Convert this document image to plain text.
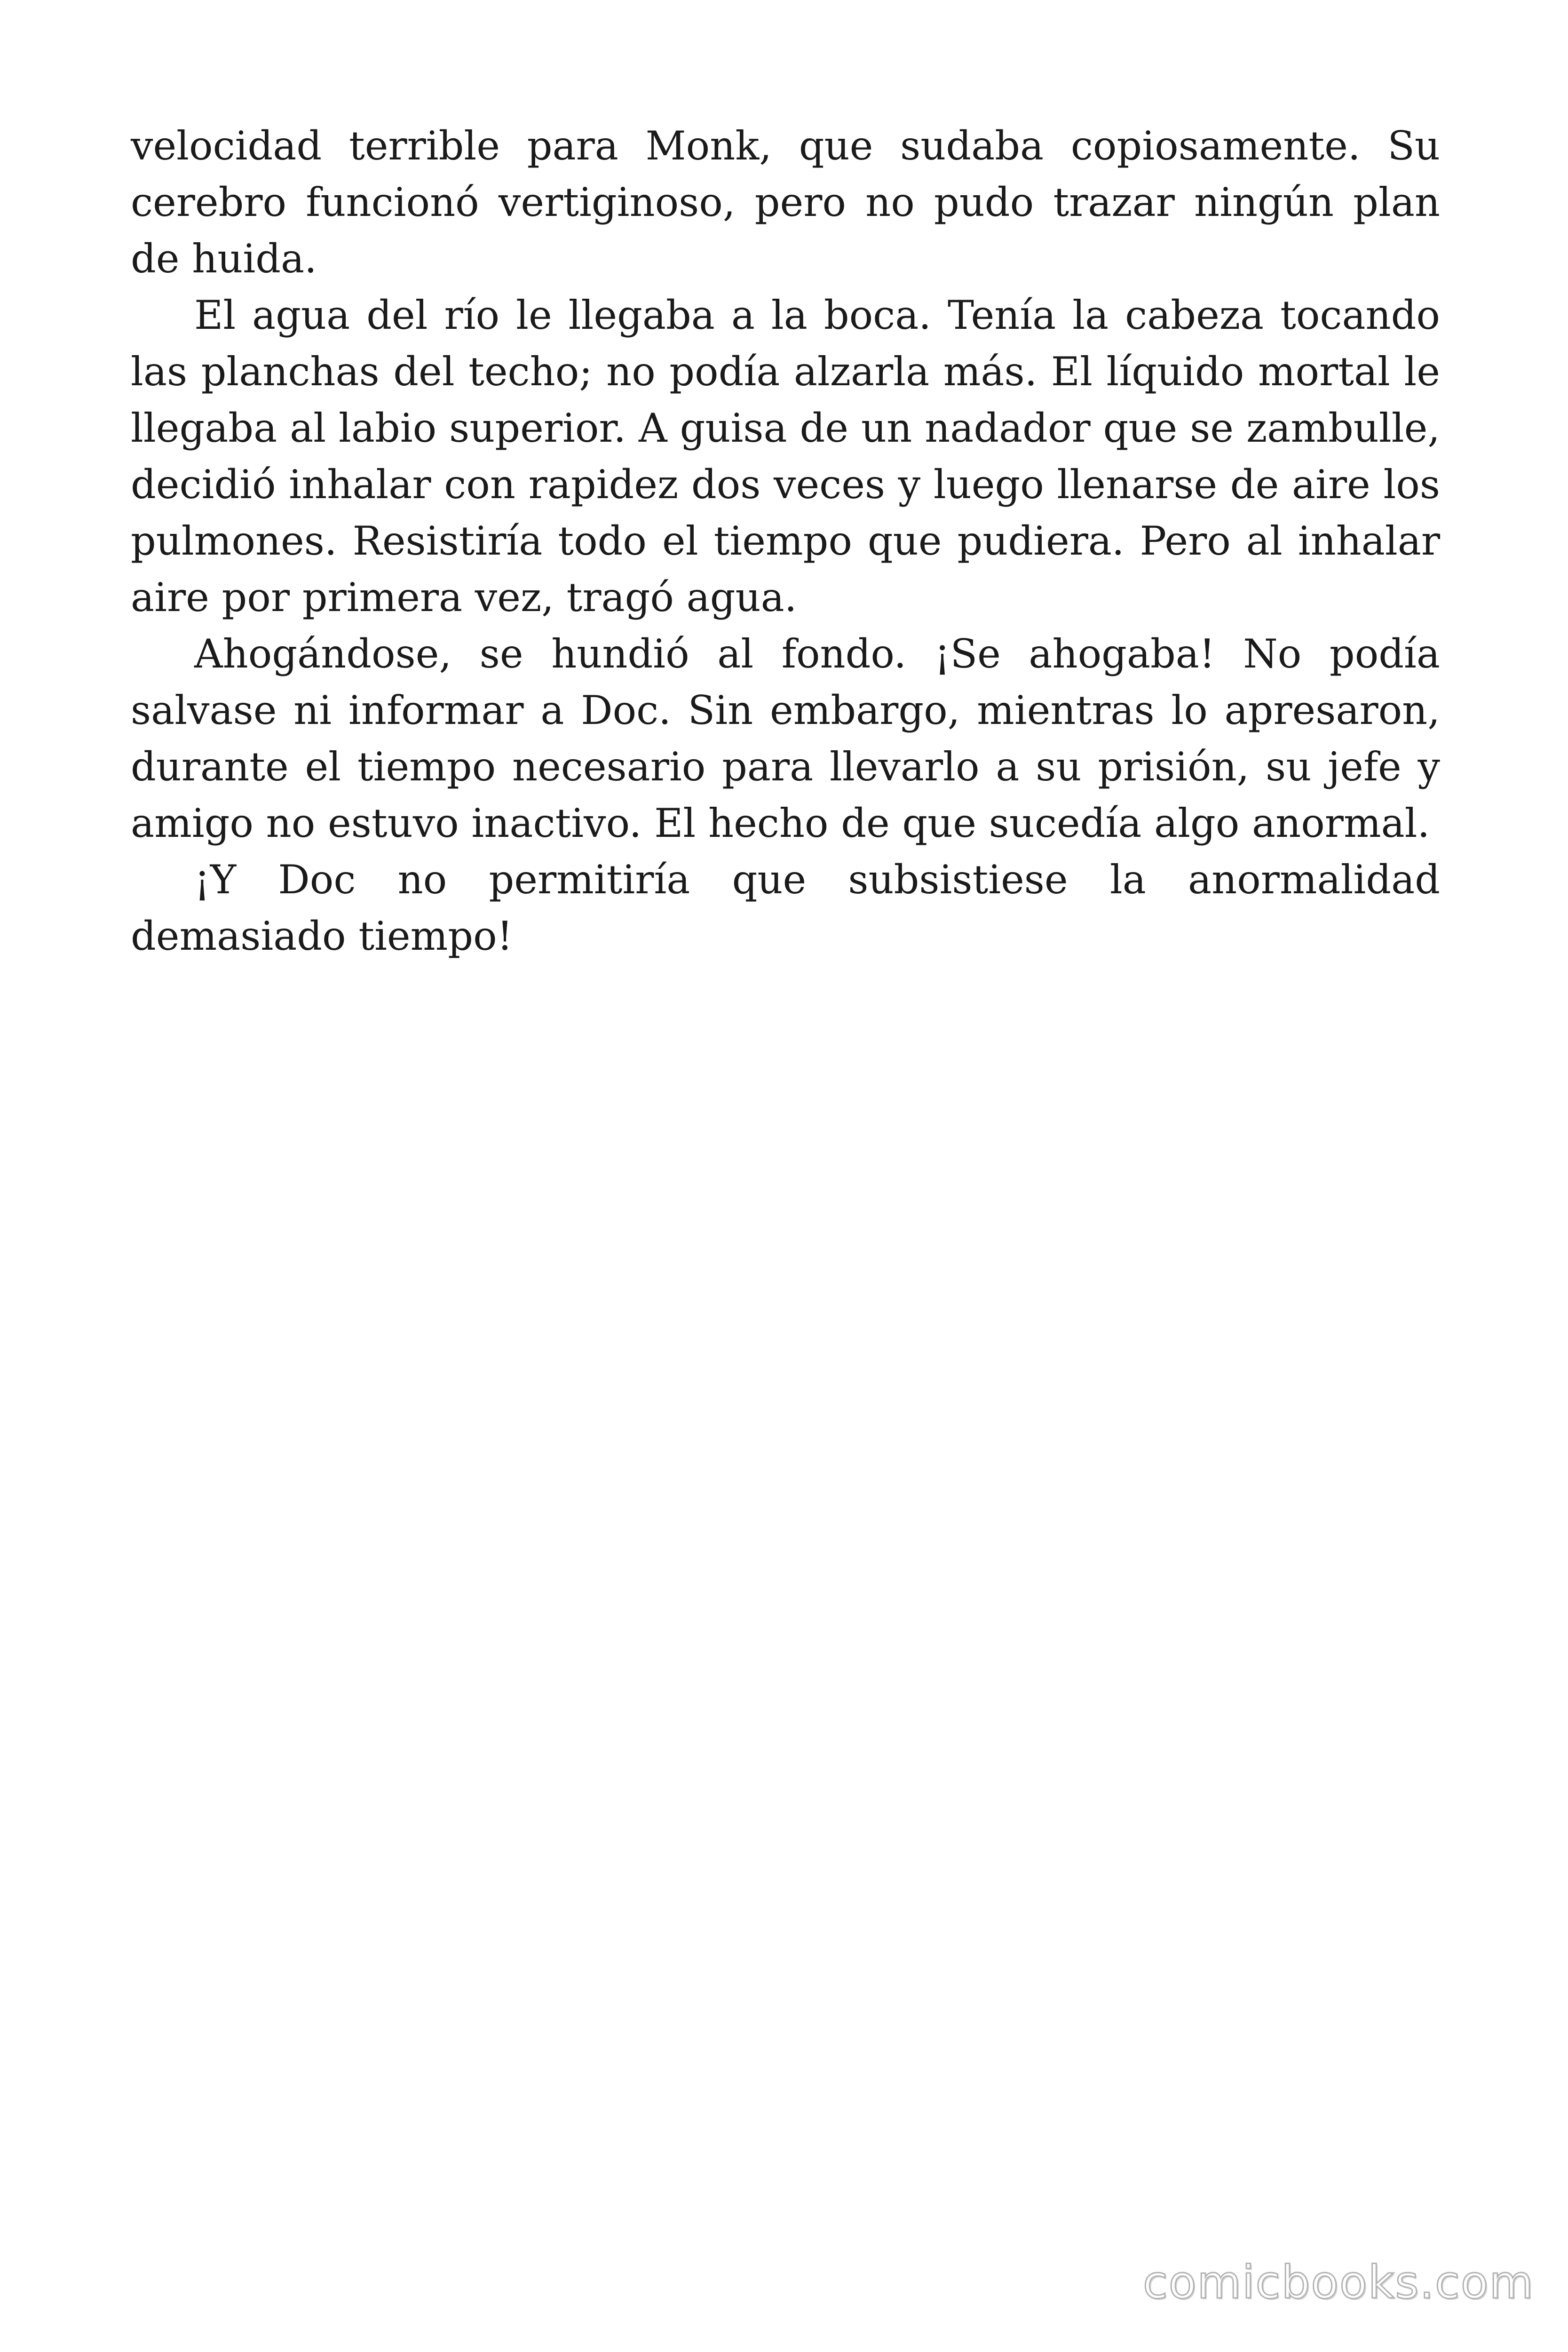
velocidad terrible para Monk, que sudaba copiosamente. Su cerebro funcionó vertiginoso, pero no pudo trazar ningún plan de huida.

El agua del río le llegaba a la boca. Tenía la cabeza tocando las planchas del techo; no podía alzarla más. El líquido mortal le llegaba al labio superior. A guisa de un nadador que se zambulle, decidió inhalar con rapidez dos veces y luego llenarse de aire los pulmones. Resistiría todo el tiempo que pudiera. Pero al inhalar aire por primera vez, tragó agua.

Ahogándose, se hundió al fondo. ¡Se ahogaba! No podía salvase ni informar a Doc. Sin embargo, mientras lo apresaron, durante el tiempo necesario para llevarlo a su prisión, su jefe y amigo no estuvo inactivo. El hecho de que sucedía algo anormal.

¡Y Doc no permitiría que subsistiese la anormalidad demasiado tiempo!

comicbooks.com
